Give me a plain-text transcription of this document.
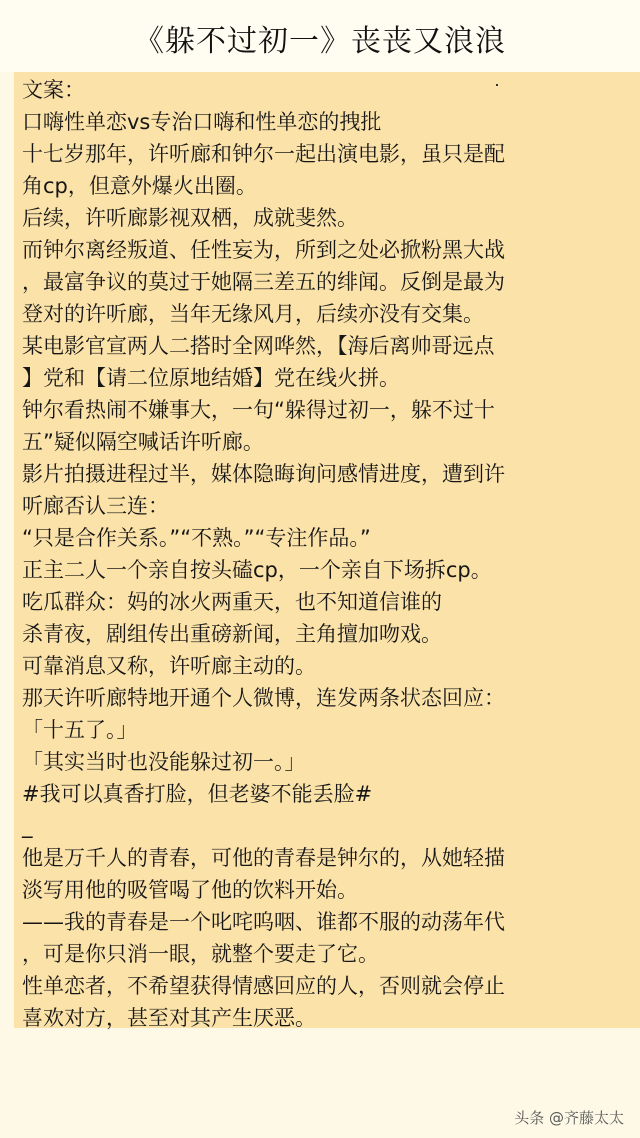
《躲不过初一》丧丧又浪浪
文案：
口嗨性单恋vs专治口嗨和性单恋的拽批
十七岁那年，许听廊和钟尔一起出演电影，虽只是配
角cp，但意外爆火出圈。
后续，许听廊影视双栖，成就斐然。
而钟尔离经叛道、任性妄为，所到之处必掀粉黑大战
，最富争议的莫过于她隔三差五的绯闻。反倒是最为
登对的许听廊，当年无缘风月，后续亦没有交集。
某电影官宣两人二搭时全网哗然，【海后离帅哥远点
】党和【请二位原地结婚】党在线火拼。
钟尔看热闹不嫌事大，一句“躲得过初一，躲不过十
五”疑似隔空喊话许听廊。
影片拍摄进程过半，媒体隐晦询问感情进度，遭到许
听廊否认三连：
“只是合作关系。”“不熟。”“专注作品。”
正主二人一个亲自按头磕cp，一个亲自下场拆cp。
吃瓜群众：妈的冰火两重天，也不知道信谁的
杀青夜，剧组传出重磅新闻，主角擅加吻戏。
可靠消息又称，许听廊主动的。
那天许听廊特地开通个人微博，连发两条状态回应：
「十五了。」
「其实当时也没能躲过初一。」
#我可以真香打脸，但老婆不能丢脸#
_
他是万千人的青春，可他的青春是钟尔的，从她轻描
淡写用他的吸管喝了他的饮料开始。
——我的青春是一个叱咤呜咽、谁都不服的动荡年代
，可是你只消一眼，就整个要走了它。
性单恋者，不希望获得情感回应的人，否则就会停止
喜欢对方，甚至对其产生厌恶。
头条 @齐藤太太
